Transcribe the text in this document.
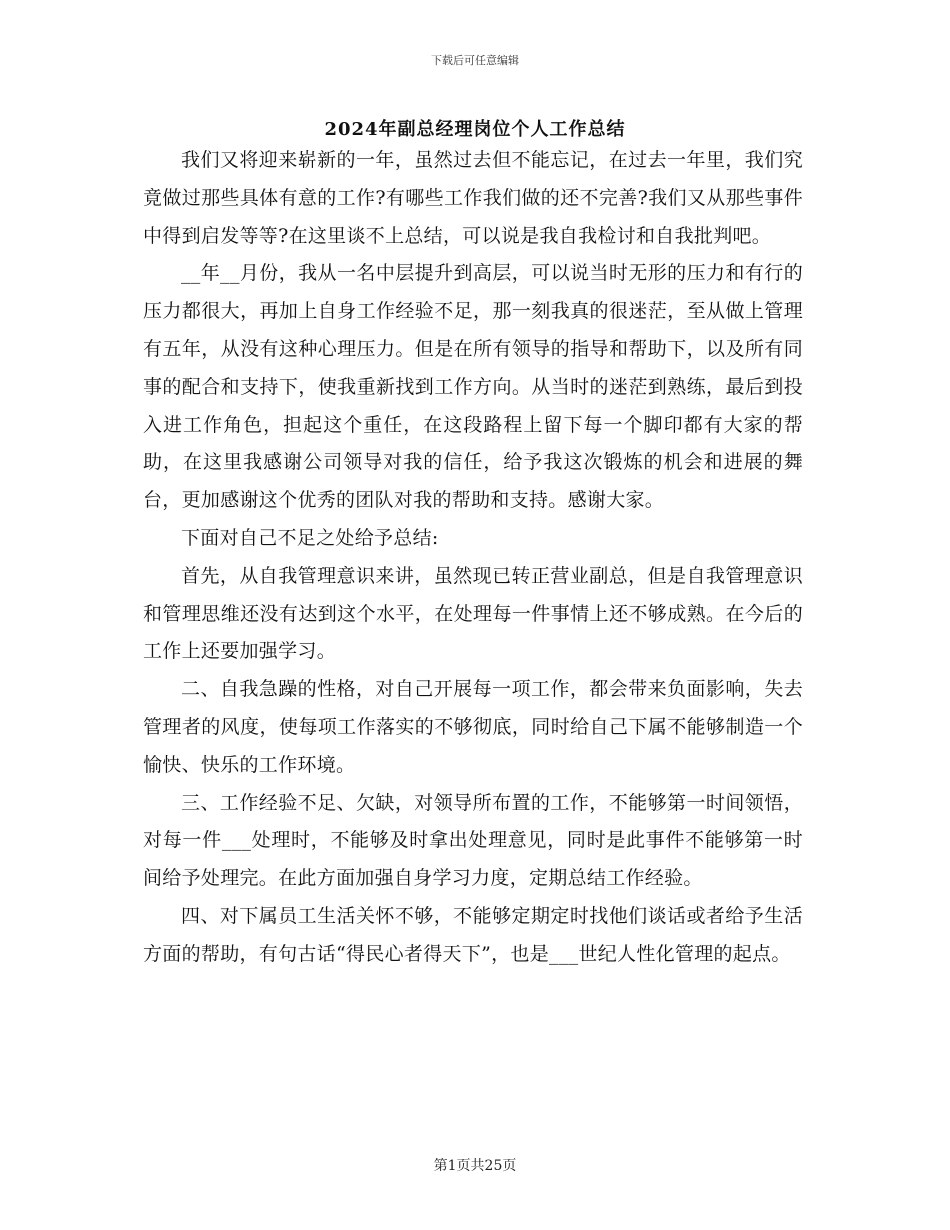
下载后可任意编辑
2024年副总经理岗位个人工作总结

我们又将迎来崭新的一年，虽然过去但不能忘记，在过去一年里，我们究竟做过那些具体有意的工作?有哪些工作我们做的还不完善?我们又从那些事件中得到启发等等?在这里谈不上总结，可以说是我自我检讨和自我批判吧。

__年__月份，我从一名中层提升到高层，可以说当时无形的压力和有行的压力都很大，再加上自身工作经验不足，那一刻我真的很迷茫，至从做上管理有五年，从没有这种心理压力。但是在所有领导的指导和帮助下，以及所有同事的配合和支持下，使我重新找到工作方向。从当时的迷茫到熟练，最后到投入进工作角色，担起这个重任，在这段路程上留下每一个脚印都有大家的帮助，在这里我感谢公司领导对我的信任，给予我这次锻炼的机会和进展的舞台，更加感谢这个优秀的团队对我的帮助和支持。感谢大家。

下面对自己不足之处给予总结:

首先，从自我管理意识来讲，虽然现已转正营业副总，但是自我管理意识和管理思维还没有达到这个水平，在处理每一件事情上还不够成熟。在今后的工作上还要加强学习。

二、自我急躁的性格，对自己开展每一项工作，都会带来负面影响，失去管理者的风度，使每项工作落实的不够彻底，同时给自己下属不能够制造一个愉快、快乐的工作环境。

三、工作经验不足、欠缺，对领导所布置的工作，不能够第一时间领悟，对每一件___处理时，不能够及时拿出处理意见，同时是此事件不能够第一时间给予处理完。在此方面加强自身学习力度，定期总结工作经验。

四、对下属员工生活关怀不够，不能够定期定时找他们谈话或者给予生活方面的帮助，有句古话“得民心者得天下”，也是___世纪人性化管理的起点。

第1页共25页
